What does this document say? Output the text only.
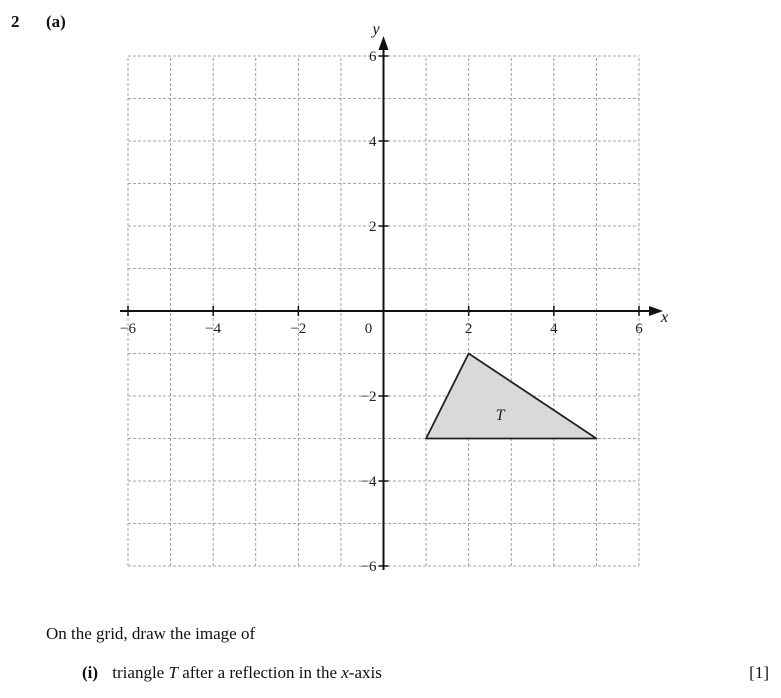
2 (a)
x
y
−6	−4	−2	0	2	4	6
−6
−4
−2
2
4
6
T
On the grid, draw the image of
(i) triangle T after a reflection in the x-axis	[1]
